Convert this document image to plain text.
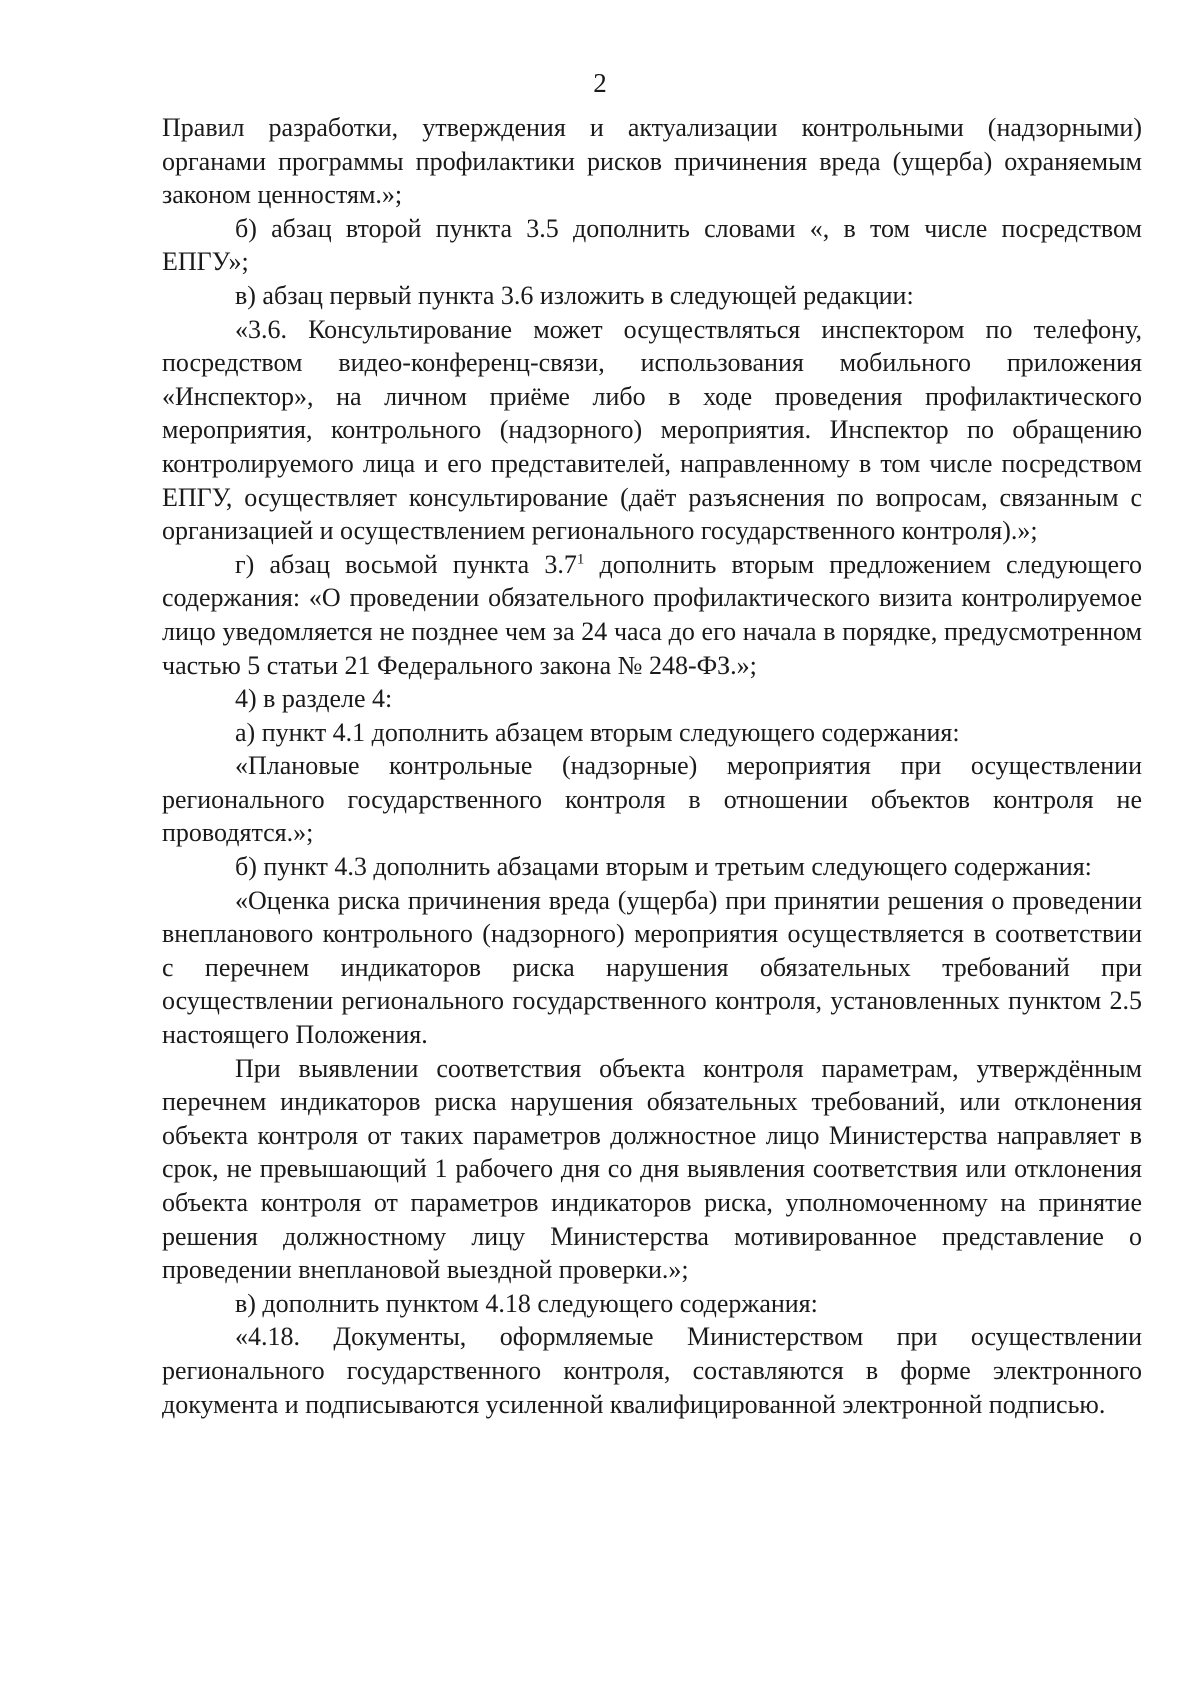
2

Правил разработки, утверждения и актуализации контрольными (надзорными) органами программы профилактики рисков причинения вреда (ущерба) охраняемым законом ценностям.»;

б) абзац второй пункта 3.5 дополнить словами «, в том числе посредством ЕПГУ»;

в) абзац первый пункта 3.6 изложить в следующей редакции:

«3.6. Консультирование может осуществляться инспектором по телефону, посредством видео-конференц-связи, использования мобильного приложения «Инспектор», на личном приёме либо в ходе проведения профилактического мероприятия, контрольного (надзорного) мероприятия. Инспектор по обращению контролируемого лица и его представителей, направленному в том числе посредством ЕПГУ, осуществляет консультирование (даёт разъяснения по вопросам, связанным с организацией и осуществлением регионального государственного контроля).»;

г) абзац восьмой пункта $3.7^1$ дополнить вторым предложением следующего содержания: «О проведении обязательного профилактического визита контролируемое лицо уведомляется не позднее чем за 24 часа до его начала в порядке, предусмотренном частью 5 статьи 21 Федерального закона № 248-ФЗ.»;

4) в разделе 4:

а) пункт 4.1 дополнить абзацем вторым следующего содержания:

«Плановые контрольные (надзорные) мероприятия при осуществлении регионального государственного контроля в отношении объектов контроля не проводятся.»;

б) пункт 4.3 дополнить абзацами вторым и третьим следующего содержания:

«Оценка риска причинения вреда (ущерба) при принятии решения о проведении внепланового контрольного (надзорного) мероприятия осуществляется в соответствии с перечнем индикаторов риска нарушения обязательных требований при осуществлении регионального государственного контроля, установленных пунктом 2.5 настоящего Положения.

При выявлении соответствия объекта контроля параметрам, утверждённым перечнем индикаторов риска нарушения обязательных требований, или отклонения объекта контроля от таких параметров должностное лицо Министерства направляет в срок, не превышающий 1 рабочего дня со дня выявления соответствия или отклонения объекта контроля от параметров индикаторов риска, уполномоченному на принятие решения должностному лицу Министерства мотивированное представление о проведении внеплановой выездной проверки.»;

в) дополнить пунктом 4.18 следующего содержания:

«4.18. Документы, оформляемые Министерством при осуществлении регионального государственного контроля, составляются в форме электронного документа и подписываются усиленной квалифицированной электронной подписью.
